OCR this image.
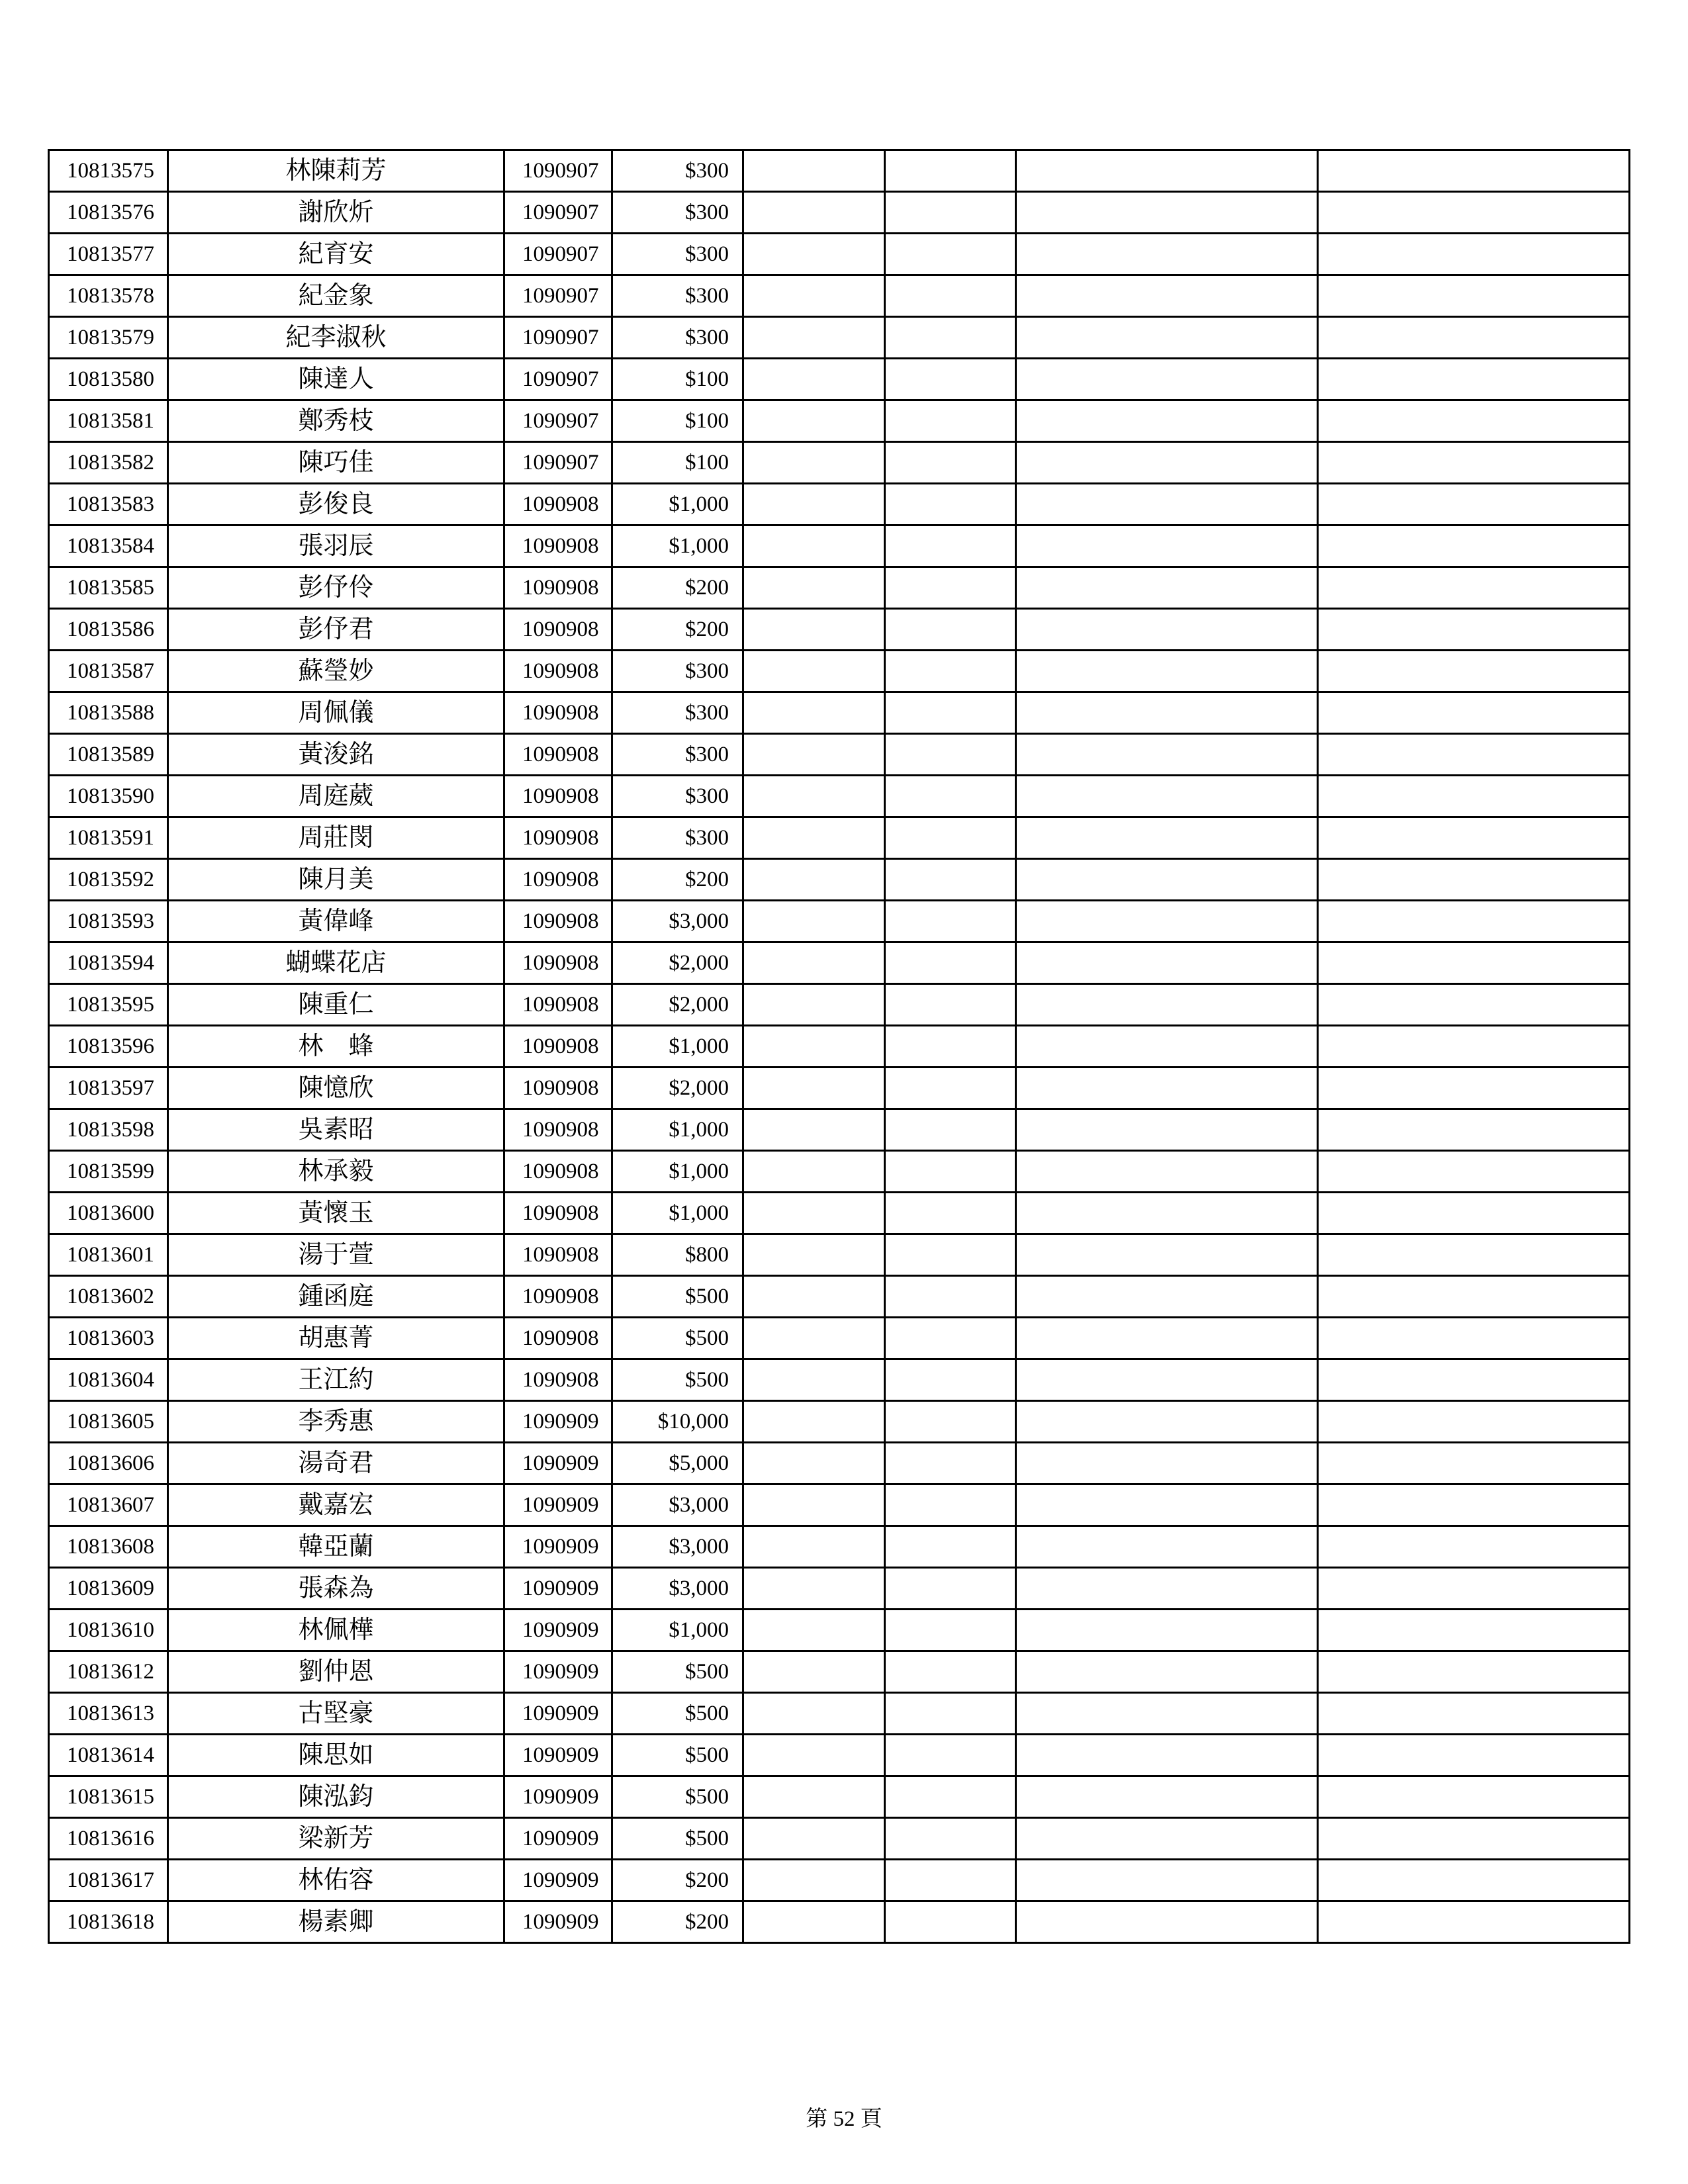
10813575	林陳莉芳	1090907	$300				
10813576	謝欣炘	1090907	$300				
10813577	紀育安	1090907	$300				
10813578	紀金象	1090907	$300				
10813579	紀李淑秋	1090907	$300				
10813580	陳達人	1090907	$100				
10813581	鄭秀枝	1090907	$100				
10813582	陳巧佳	1090907	$100				
10813583	彭俊良	1090908	$1,000				
10813584	張羽辰	1090908	$1,000				
10813585	彭伃伶	1090908	$200				
10813586	彭伃君	1090908	$200				
10813587	蘇瑩妙	1090908	$300				
10813588	周佩儀	1090908	$300				
10813589	黃浚銘	1090908	$300				
10813590	周庭葳	1090908	$300				
10813591	周莊閔	1090908	$300				
10813592	陳月美	1090908	$200				
10813593	黃偉峰	1090908	$3,000				
10813594	蝴蝶花店	1090908	$2,000				
10813595	陳重仁	1090908	$2,000				
10813596	林　蜂	1090908	$1,000				
10813597	陳憶欣	1090908	$2,000				
10813598	吳素昭	1090908	$1,000				
10813599	林承毅	1090908	$1,000				
10813600	黃懷玉	1090908	$1,000				
10813601	湯于萱	1090908	$800				
10813602	鍾函庭	1090908	$500				
10813603	胡惠菁	1090908	$500				
10813604	王江約	1090908	$500				
10813605	李秀惠	1090909	$10,000				
10813606	湯奇君	1090909	$5,000				
10813607	戴嘉宏	1090909	$3,000				
10813608	韓亞蘭	1090909	$3,000				
10813609	張森為	1090909	$3,000				
10813610	林佩樺	1090909	$1,000				
10813612	劉仲恩	1090909	$500				
10813613	古堅豪	1090909	$500				
10813614	陳思如	1090909	$500				
10813615	陳泓鈞	1090909	$500				
10813616	梁新芳	1090909	$500				
10813617	林佑容	1090909	$200				
10813618	楊素卿	1090909	$200				
第 52 頁
